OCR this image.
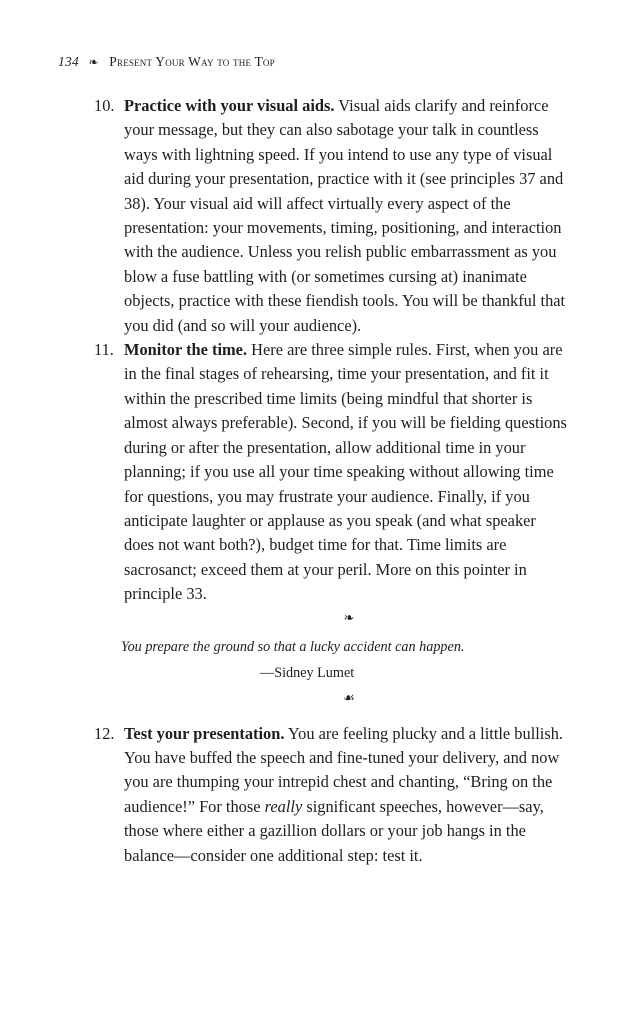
134 ❧ Present Your Way to the Top
10. Practice with your visual aids. Visual aids clarify and reinforce your message, but they can also sabotage your talk in countless ways with lightning speed. If you intend to use any type of visual aid during your presentation, practice with it (see principles 37 and 38). Your visual aid will affect virtually every aspect of the presentation: your movements, timing, positioning, and interaction with the audience. Unless you relish public embarrassment as you blow a fuse battling with (or sometimes cursing at) inanimate objects, practice with these fiendish tools. You will be thankful that you did (and so will your audience).
11. Monitor the time. Here are three simple rules. First, when you are in the final stages of rehearsing, time your presentation, and fit it within the prescribed time limits (being mindful that shorter is almost always preferable). Second, if you will be fielding questions during or after the presentation, allow additional time in your planning; if you use all your time speaking without allowing time for questions, you may frustrate your audience. Finally, if you anticipate laughter or applause as you speak (and what speaker does not want both?), budget time for that. Time limits are sacrosanct; exceed them at your peril. More on this pointer in principle 33.
❧
You prepare the ground so that a lucky accident can happen.
—Sidney Lumet
☙
12. Test your presentation. You are feeling plucky and a little bullish. You have buffed the speech and fine-tuned your delivery, and now you are thumping your intrepid chest and chanting, “Bring on the audience!” For those really significant speeches, however—say, those where either a gazillion dollars or your job hangs in the balance—consider one additional step: test it.
